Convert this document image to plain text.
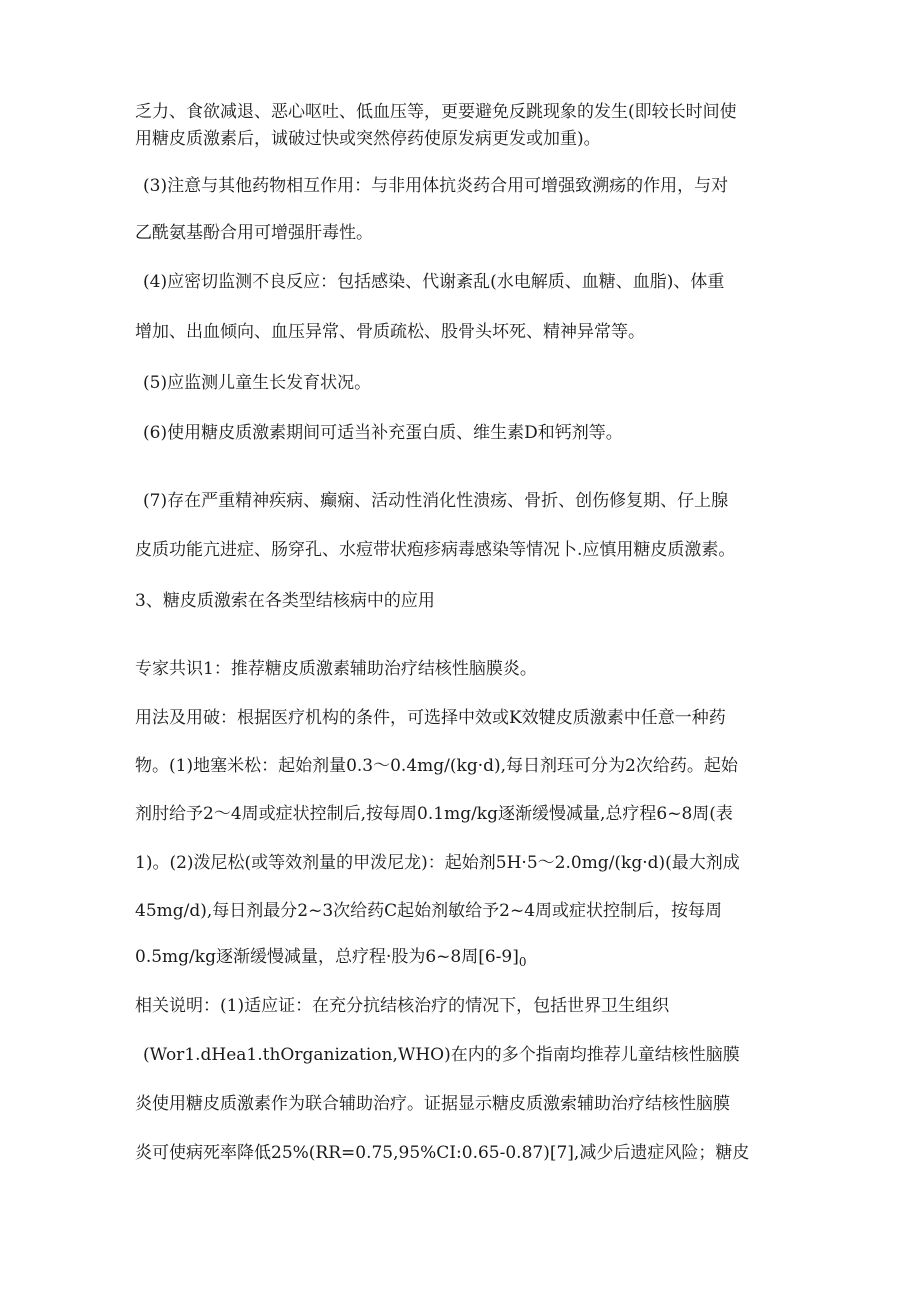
乏力、食欲减退、恶心呕吐、低血压等，更要避免反跳现象的发生(即较长时间使
用糖皮质激素后，诚破过快或突然停药使原发病更发或加重)。
(3)注意与其他药物相互作用：与非用体抗炎药合用可增强致溯疡的作用，与对
乙酰氨基酚合用可增强肝毒性。
(4)应密切监测不良反应：包括感染、代谢紊乱(水电解质、血糖、血脂)、体重
增加、出血倾向、血压异常、骨质疏松、股骨头坏死、精神异常等。
(5)应监测儿童生长发育状况。
(6)使用糖皮质激素期间可适当补充蛋白质、维生素D和钙剂等。
(7)存在严重精神疾病、癫痫、活动性消化性溃疡、骨折、创伤修复期、仔上腺
皮质功能亢进症、肠穿孔、水痘带状疱疹病毒感染等情况卜.应慎用糖皮质激素。
3、糖皮质激索在各类型结核病中的应用
专家共识1：推荐糖皮质激素辅助治疗结核性脑膜炎。
用法及用破：根据医疗机构的条件，可选择中效或K效犍皮质激素中任意一种药
物。(1)地塞米松：起始剂量0.3～0.4mg/(kg·d),每日剂珏可分为2次给药。起始
剂肘给予2～4周或症状控制后,按每周0.1mg/kg逐渐缓慢减量,总疗程6~8周(表
1)。(2)泼尼松(或等效剂量的甲泼尼龙)：起始剂5H·5～2.0mg/(kg·d)(最大剂成
45mg/d),每日剂最分2~3次给药C起始剂敏给予2~4周或症状控制后，按每周
0.5mg/kg逐渐缓慢减量，总疗程·股为6~8周$[6-9]_0$
相关说明：(1)适应证：在充分抗结核治疗的情况下，包括世界卫生组织
(Wor1.dHea1.thOrganization,WHO)在内的多个指南均推荐儿童结核性脑膜
炎使用糖皮质激素作为联合辅助治疗。证据显示糖皮质激索辅助治疗结核性脑膜
炎可使病死率降低25%(RR=0.75,95%CI:0.65-0.87)[7],减少后遗症风险；糖皮
